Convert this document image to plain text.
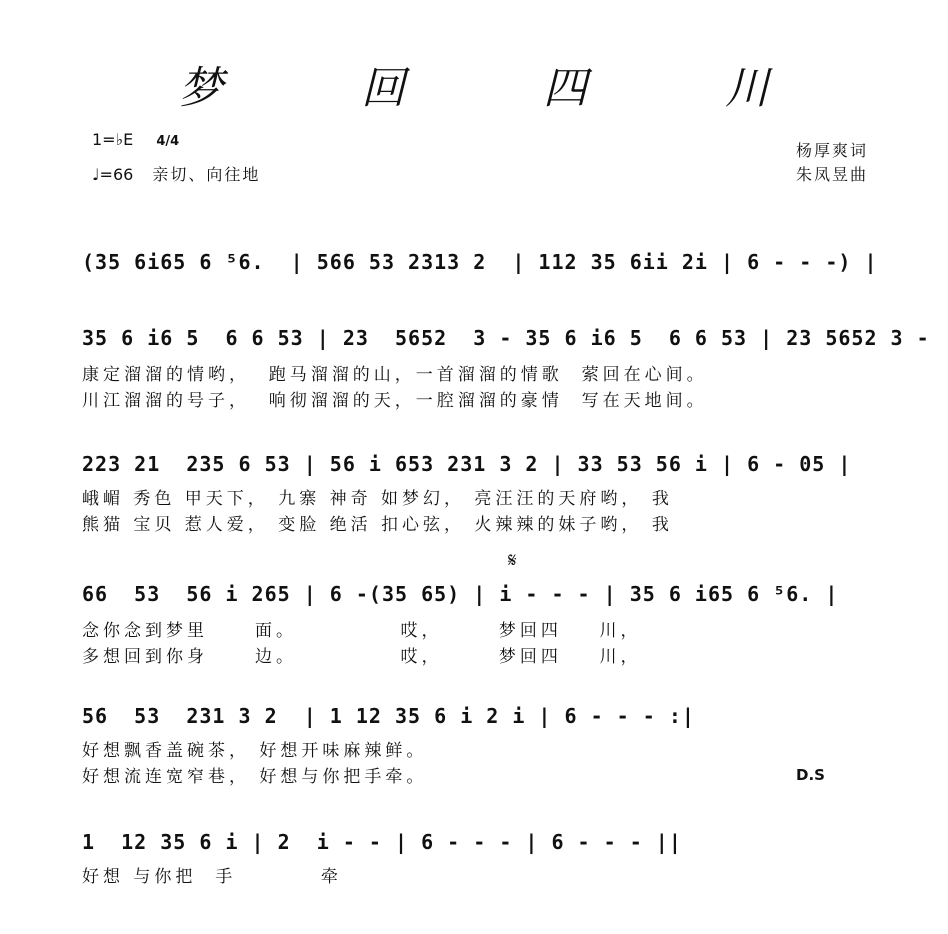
梦 回 四 川
1=♭E 4/4
♩=66 亲切、向往地
杨厚爽词
朱凤昱曲
(35 6i65 6 ⁵6.  | 566 53 2313 2  | 112 35 6ii 2i | 6 - - -) |
35 6 i6 5  6 6 53 | 23  5652  3 - 35 6 i6 5  6 6 53 | 23 5652 3 -
康定溜溜的情哟，  跑马溜溜的山，一首溜溜的情歌  萦回在心间。
川江溜溜的号子，  响彻溜溜的天，一腔溜溜的豪情  写在天地间。
223 21  235 6 53 | 56 i 653 231 3 2 | 33 53 56 i | 6 - 05 |
峨嵋 秀色 甲天下， 九寨 神奇 如梦幻， 亮汪汪的天府哟， 我
熊猫 宝贝 惹人爱， 变脸 绝活 扣心弦， 火辣辣的妹子哟， 我
𝄋
66  53  56 i 265 | 6 -(35 65) | i - - - | 35 6 i65 6 ⁵6. |
念你念到梦里     面。           哎，      梦回四    川，
多想回到你身     边。           哎，      梦回四    川，
56  53  231 3 2  | 1 12 35 6 i 2 i | 6 - - - :|
好想飘香盖碗茶， 好想开味麻辣鲜。
好想流连宽窄巷， 好想与你把手牵。	D.S
1  12 35 6 i | 2  i - - | 6 - - - | 6 - - - ||
好想 与你把  手         牵
